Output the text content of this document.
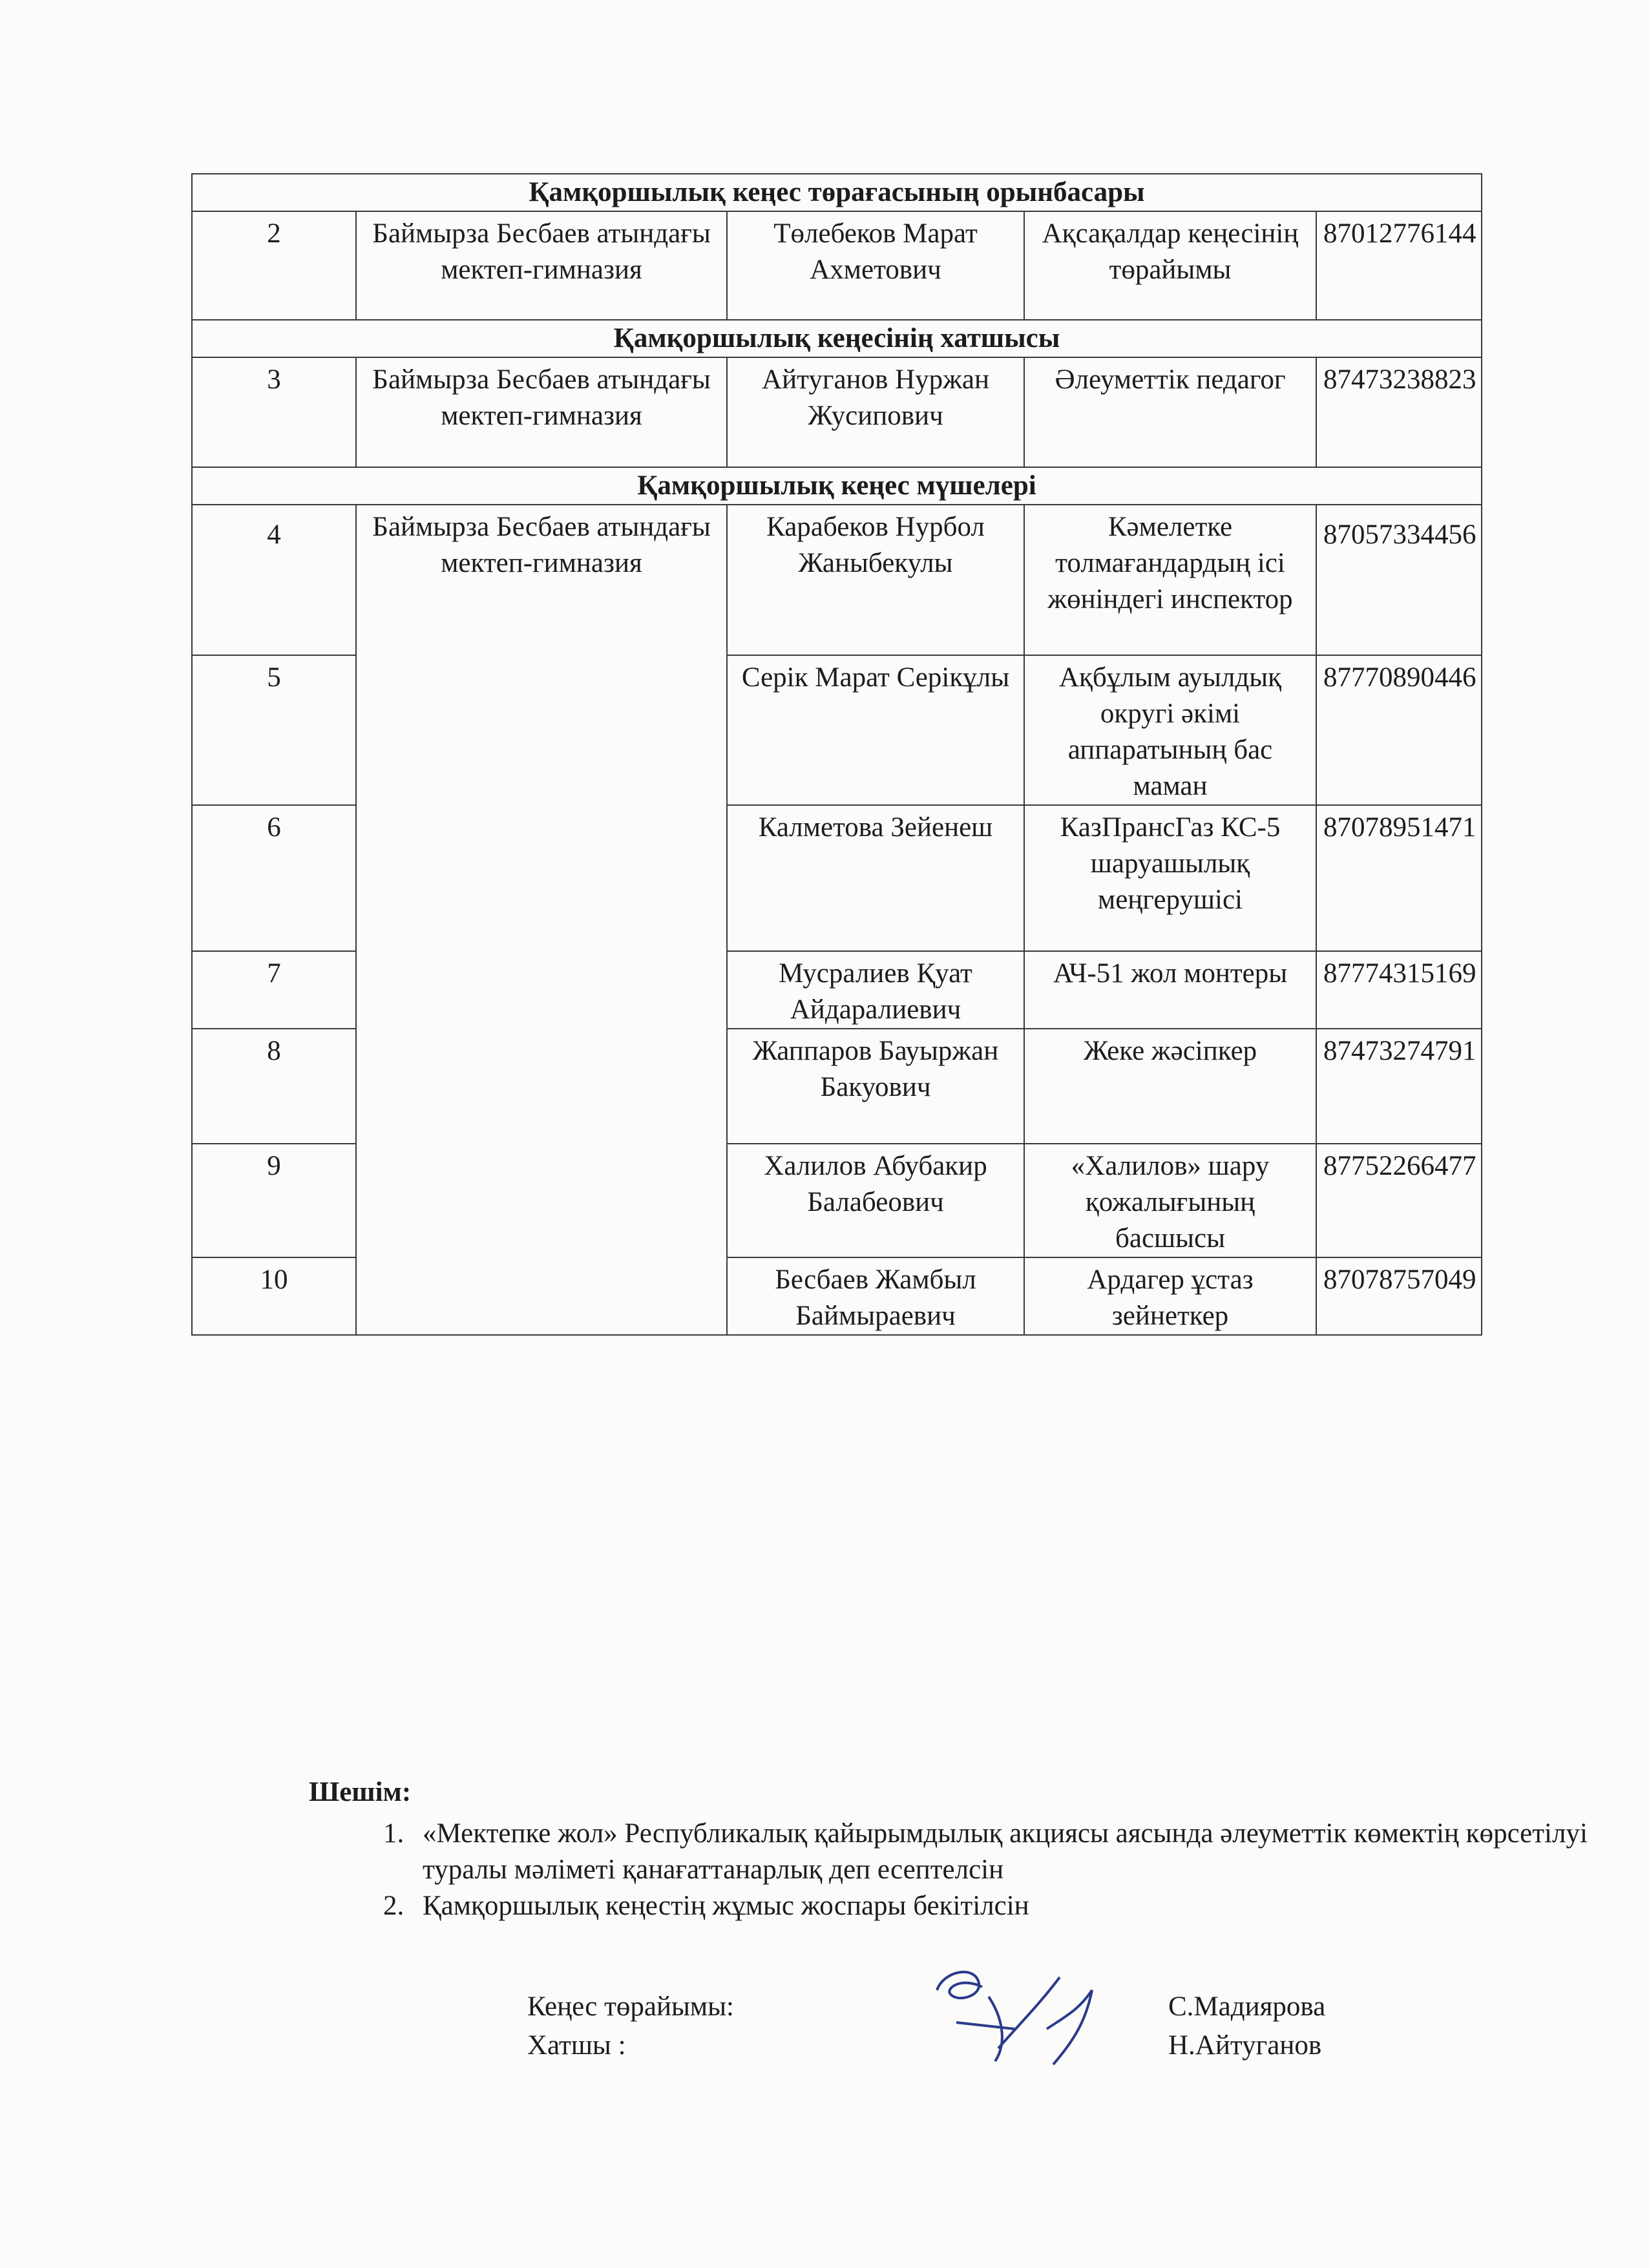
Қамқоршылық кеңес төрағасының орынбасары				
2	Баймырза Бесбаев атындағы мектеп-гимназия	Төлебеков Марат Ахметович	Ақсақалдар кеңесінің төрайымы	87012776144
Қамқоршылық кеңесінің хатшысы				
3	Баймырза Бесбаев атындағы мектеп-гимназия	Айтуганов Нуржан Жусипович	Әлеуметтік педагог	87473238823
Қамқоршылық кеңес мүшелері				
4	Баймырза Бесбаев атындағы мектеп-гимназия	Карабеков Нурбол Жаныбекулы	Кәмелетке толмағандардың ісі жөніндегі инспектор	87057334456
5		Серік Марат Серікұлы	Ақбұлым ауылдық округі әкімі аппаратының бас маман	87770890446
6		Калметова Зейенеш	КазПрансГаз КС-5 шаруашылық меңгерушісі	87078951471
7		Мусралиев Қуат Айдаралиевич	АЧ-51 жол монтеры	87774315169
8		Жаппаров Бауыржан Бакуович	Жеке жәсіпкер	87473274791
9		Халилов Абубакир Балабеович	«Халилов» шару қожалығының басшысы	87752266477
10		Бесбаев Жамбыл Баймыраевич	Ардагер ұстаз зейнеткер	87078757049
Шешім:
1. «Мектепке жол» Республикалық қайырымдылық акциясы аясында әлеуметтік көмектің көрсетілуі туралы мәліметі қанағаттанарлық деп есептелсін
2. Қамқоршылық кеңестің жұмыс жоспары бекітілсін
Кеңес төрайымы:
Хатшы :
С.Мадиярова
Н.Айтуганов
